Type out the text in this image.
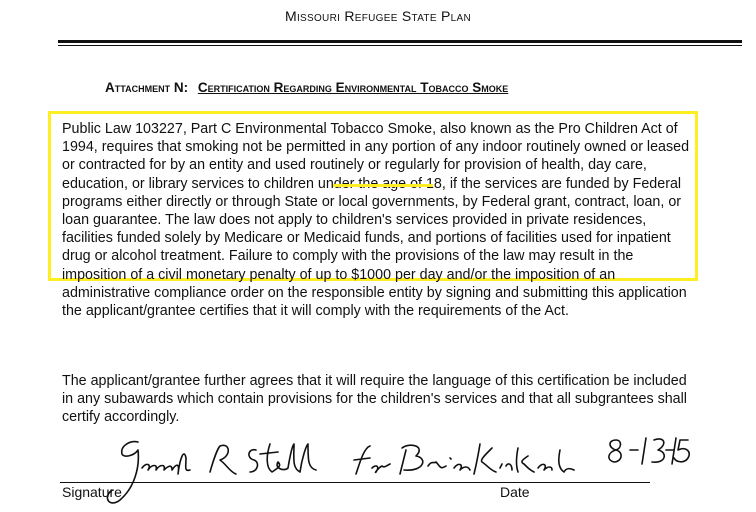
Missouri Refugee State Plan
Attachment N: Certification Regarding Environmental Tobacco Smoke
Public Law 103227, Part C Environmental Tobacco Smoke, also known as the Pro Children Act of 1994, requires that smoking not be permitted in any portion of any indoor routinely owned or leased or contracted for by an entity and used routinely or regularly for provision of health, day care, education, or library services to children under the age of 18, if the services are funded by Federal programs either directly or through State or local governments, by Federal grant, contract, loan, or loan guarantee. The law does not apply to children's services provided in private residences, facilities funded solely by Medicare or Medicaid funds, and portions of facilities used for inpatient drug or alcohol treatment. Failure to comply with the provisions of the law may result in the imposition of a civil monetary penalty of up to $1000 per day and/or the imposition of an administrative compliance order on the responsible entity by signing and submitting this application the applicant/grantee certifies that it will comply with the requirements of the Act.
The applicant/grantee further agrees that it will require the language of this certification be included in any subawards which contain provisions for the children's services and that all subgrantees shall certify accordingly.
Signature	Date
